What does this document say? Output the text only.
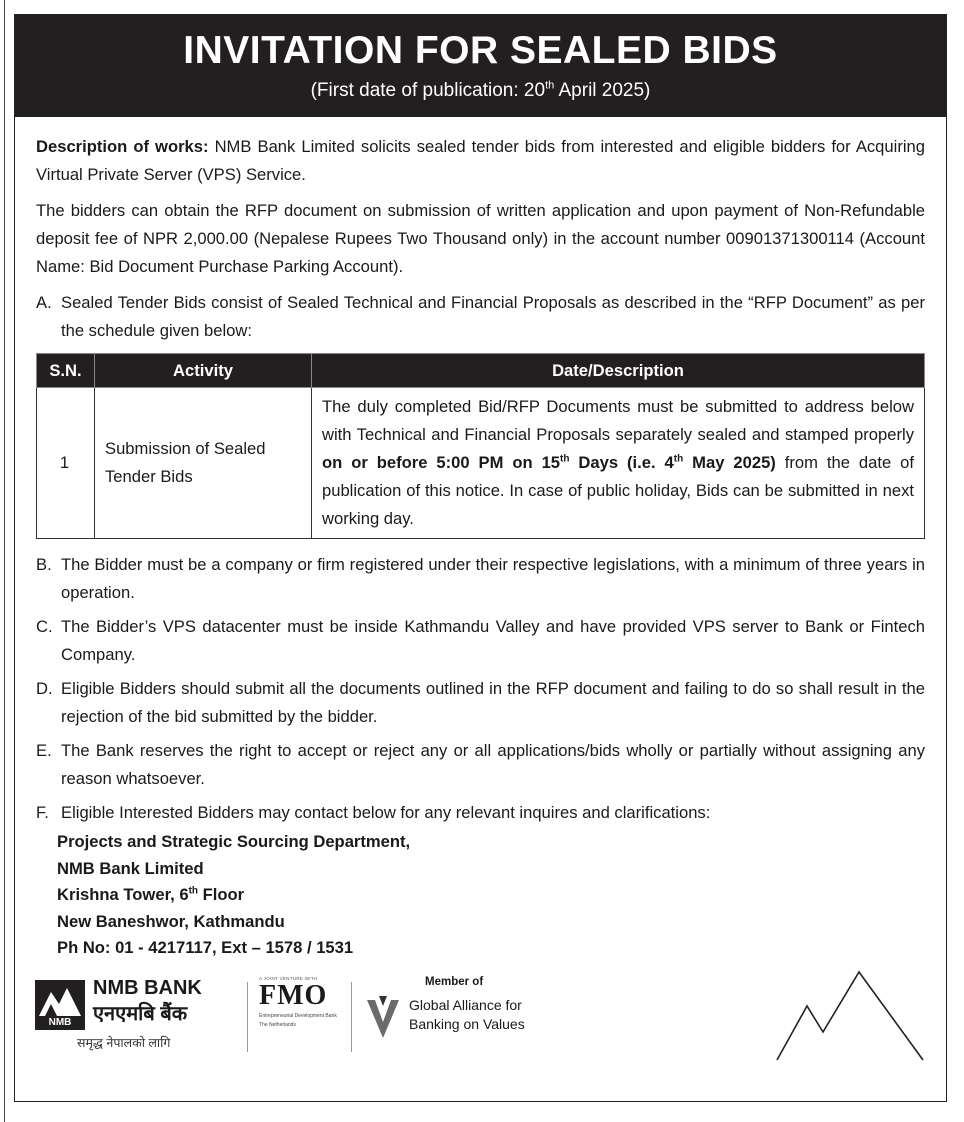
INVITATION FOR SEALED BIDS
(First date of publication: 20th April 2025)

Description of works: NMB Bank Limited solicits sealed tender bids from interested and eligible bidders for Acquiring Virtual Private Server (VPS) Service.

The bidders can obtain the RFP document on submission of written application and upon payment of Non-Refundable deposit fee of NPR 2,000.00 (Nepalese Rupees Two Thousand only) in the account number 00901371300114 (Account Name: Bid Document Purchase Parking Account).

A. Sealed Tender Bids consist of Sealed Technical and Financial Proposals as described in the “RFP Document” as per the schedule given below:
S.N.	Activity	Date/Description
1	Submission of Sealed Tender Bids	The duly completed Bid/RFP Documents must be submitted to address below with Technical and Financial Proposals separately sealed and stamped properly on or before 5:00 PM on 15th Days (i.e. 4th May 2025) from the date of publication of this notice. In case of public holiday, Bids can be submitted in next working day.
B. The Bidder must be a company or firm registered under their respective legislations, with a minimum of three years in operation.
C. The Bidder’s VPS datacenter must be inside Kathmandu Valley and have provided VPS server to Bank or Fintech Company.
D. Eligible Bidders should submit all the documents outlined in the RFP document and failing to do so shall result in the rejection of the bid submitted by the bidder.
E. The Bank reserves the right to accept or reject any or all applications/bids wholly or partially without assigning any reason whatsoever.
F. Eligible Interested Bidders may contact below for any relevant inquires and clarifications:
Projects and Strategic Sourcing Department,
NMB Bank Limited
Krishna Tower, 6th Floor
New Baneshwor, Kathmandu
Ph No: 01 - 4217117, Ext – 1578 / 1531
NMB
NMB BANK
एनएमबि बैंक
समृद्ध नेपालको लागि
A JOINT VENTURE WITH
FMO
Entrepreneurial Development Bank
The Netherlands
Member of
Global Alliance for
Banking on Values
